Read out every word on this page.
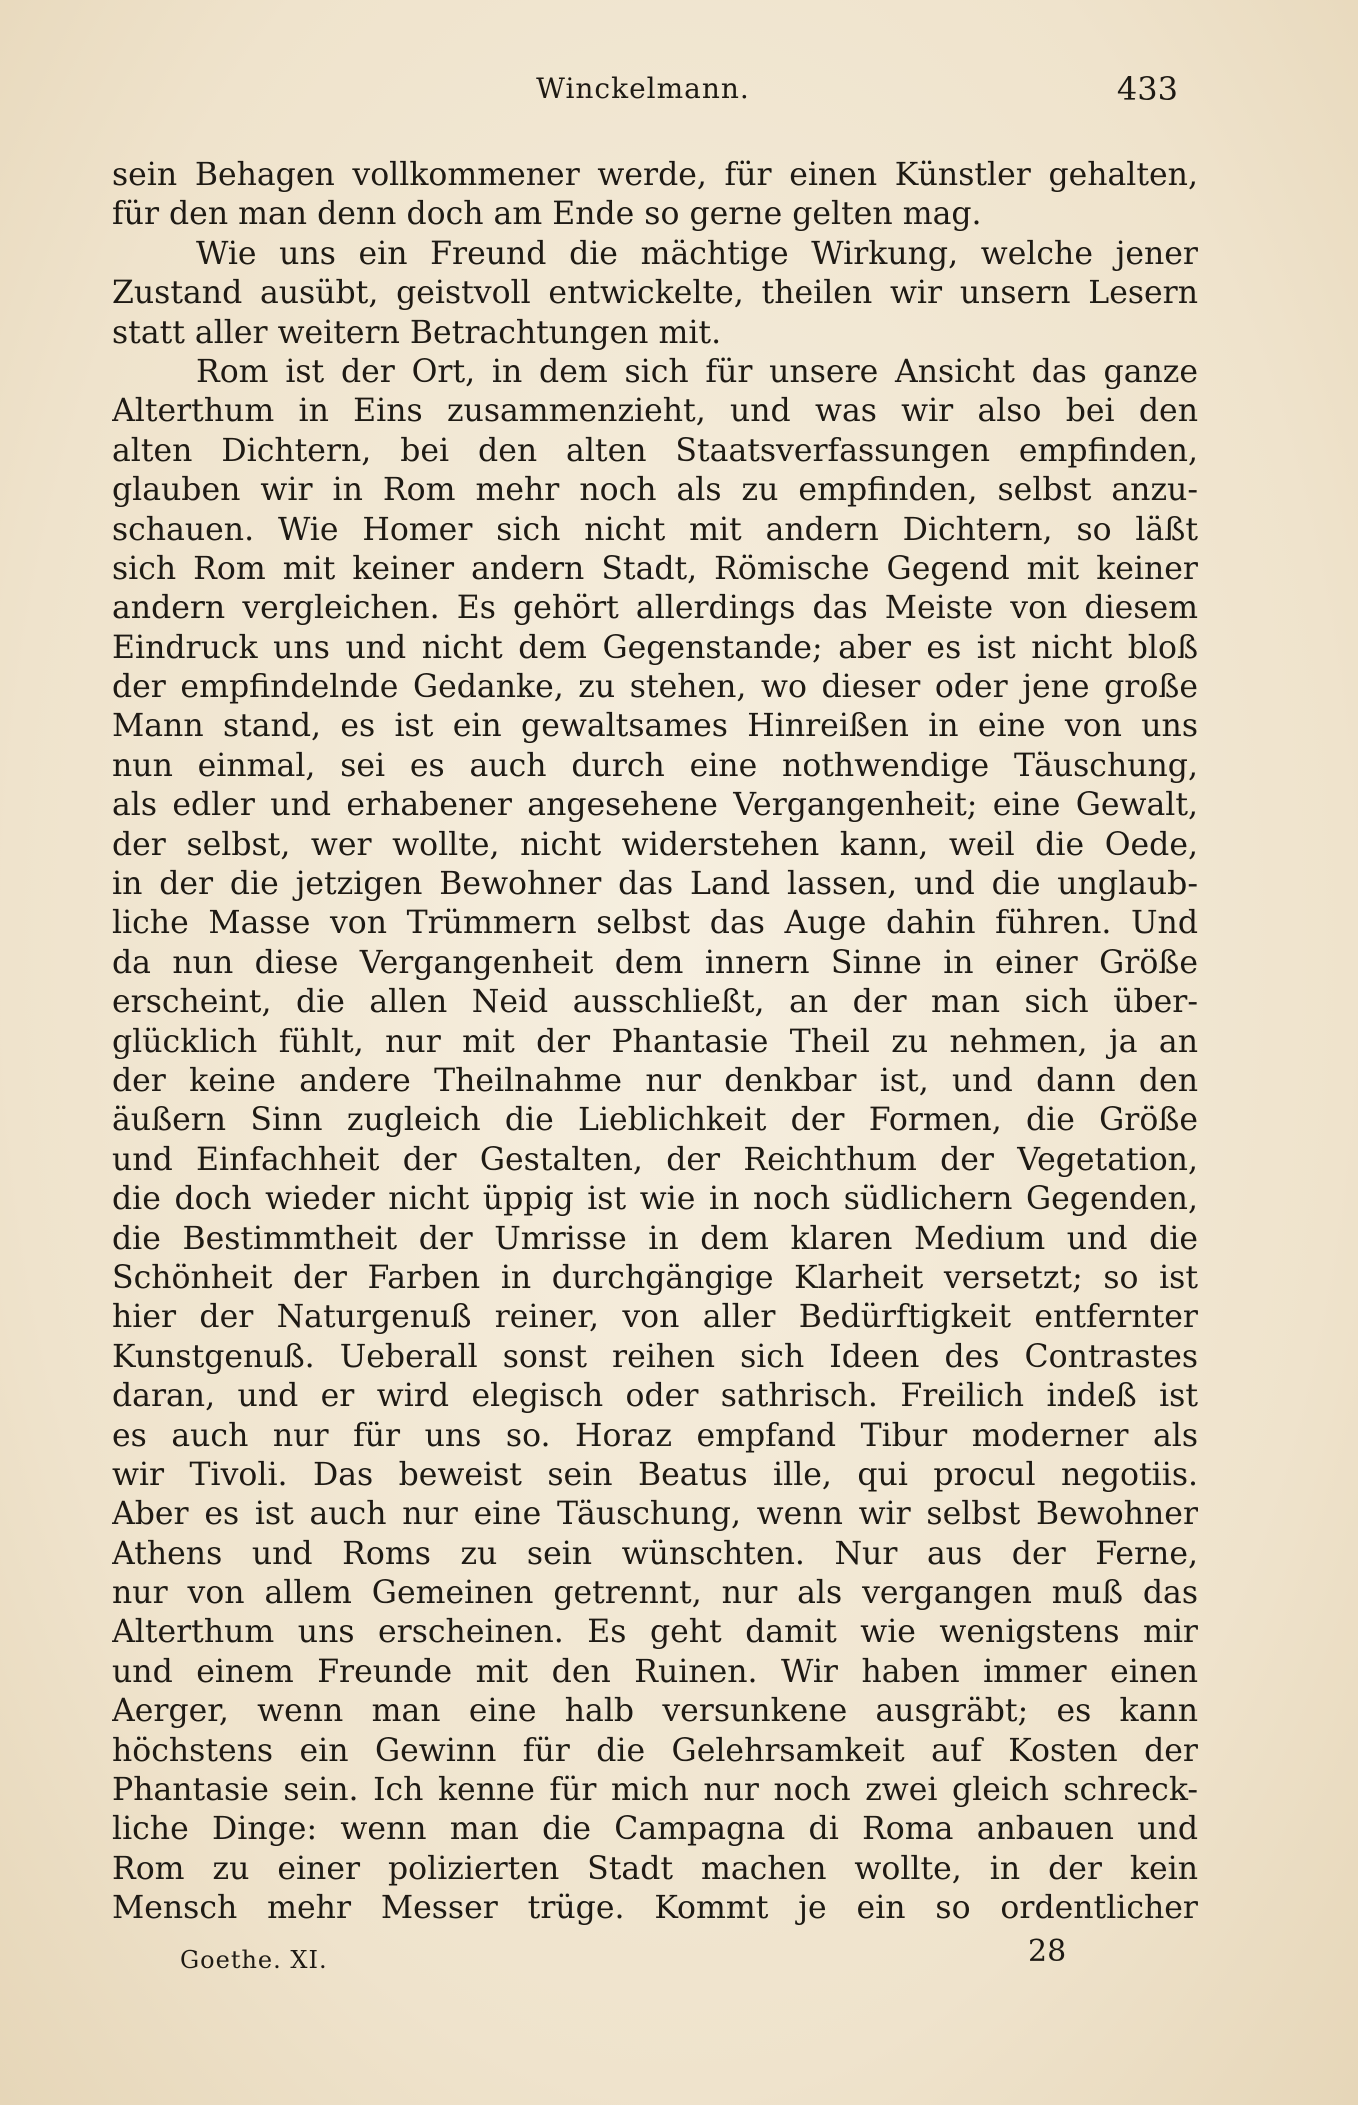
Winckelmann.	433
sein Behagen vollkommener werde, für einen Künstler gehalten,
für den man denn doch am Ende so gerne gelten mag.
Wie uns ein Freund die mächtige Wirkung, welche jener
Zustand ausübt, geistvoll entwickelte, theilen wir unsern Lesern
statt aller weitern Betrachtungen mit.
Rom ist der Ort, in dem sich für unsere Ansicht das ganze
Alterthum in Eins zusammenzieht, und was wir also bei den
alten Dichtern, bei den alten Staatsverfassungen empfinden,
glauben wir in Rom mehr noch als zu empfinden, selbst anzu-
schauen. Wie Homer sich nicht mit andern Dichtern, so läßt
sich Rom mit keiner andern Stadt, Römische Gegend mit keiner
andern vergleichen. Es gehört allerdings das Meiste von diesem
Eindruck uns und nicht dem Gegenstande; aber es ist nicht bloß
der empfindelnde Gedanke, zu stehen, wo dieser oder jene große
Mann stand, es ist ein gewaltsames Hinreißen in eine von uns
nun einmal, sei es auch durch eine nothwendige Täuschung,
als edler und erhabener angesehene Vergangenheit; eine Gewalt,
der selbst, wer wollte, nicht widerstehen kann, weil die Oede,
in der die jetzigen Bewohner das Land lassen, und die unglaub-
liche Masse von Trümmern selbst das Auge dahin führen. Und
da nun diese Vergangenheit dem innern Sinne in einer Größe
erscheint, die allen Neid ausschließt, an der man sich über-
glücklich fühlt, nur mit der Phantasie Theil zu nehmen, ja an
der keine andere Theilnahme nur denkbar ist, und dann den
äußern Sinn zugleich die Lieblichkeit der Formen, die Größe
und Einfachheit der Gestalten, der Reichthum der Vegetation,
die doch wieder nicht üppig ist wie in noch südlichern Gegenden,
die Bestimmtheit der Umrisse in dem klaren Medium und die
Schönheit der Farben in durchgängige Klarheit versetzt; so ist
hier der Naturgenuß reiner, von aller Bedürftigkeit entfernter
Kunstgenuß. Ueberall sonst reihen sich Ideen des Contrastes
daran, und er wird elegisch oder sathrisch. Freilich indeß ist
es auch nur für uns so. Horaz empfand Tibur moderner als
wir Tivoli. Das beweist sein Beatus ille, qui procul negotiis.
Aber es ist auch nur eine Täuschung, wenn wir selbst Bewohner
Athens und Roms zu sein wünschten. Nur aus der Ferne,
nur von allem Gemeinen getrennt, nur als vergangen muß das
Alterthum uns erscheinen. Es geht damit wie wenigstens mir
und einem Freunde mit den Ruinen. Wir haben immer einen
Aerger, wenn man eine halb versunkene ausgräbt; es kann
höchstens ein Gewinn für die Gelehrsamkeit auf Kosten der
Phantasie sein. Ich kenne für mich nur noch zwei gleich schreck-
liche Dinge: wenn man die Campagna di Roma anbauen und
Rom zu einer polizierten Stadt machen wollte, in der kein
Mensch mehr Messer trüge. Kommt je ein so ordentlicher
Goethe. XI.	28
